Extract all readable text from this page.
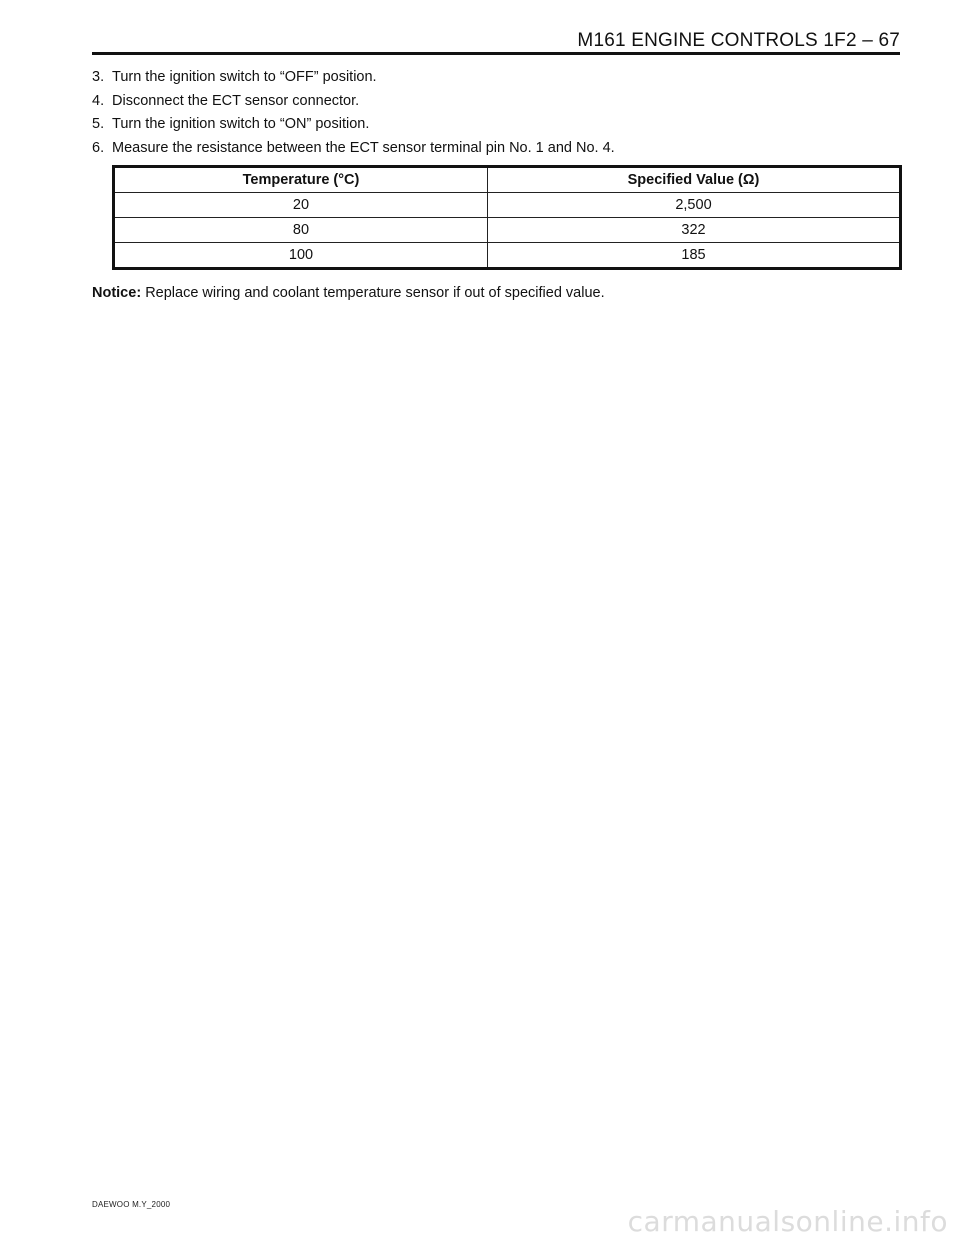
M161 ENGINE CONTROLS 1F2 – 67
3. Turn the ignition switch to “OFF” position.
4. Disconnect the ECT sensor connector.
5. Turn the ignition switch to “ON” position.
6. Measure the resistance between the ECT sensor terminal pin No. 1 and No. 4.
Temperature (°C)	Specified Value (Ω)
20	2,500
80	322
100	185
Notice: Replace wiring and coolant temperature sensor if out of specified value.
DAEWOO M.Y_2000
carmanualsonline.info
